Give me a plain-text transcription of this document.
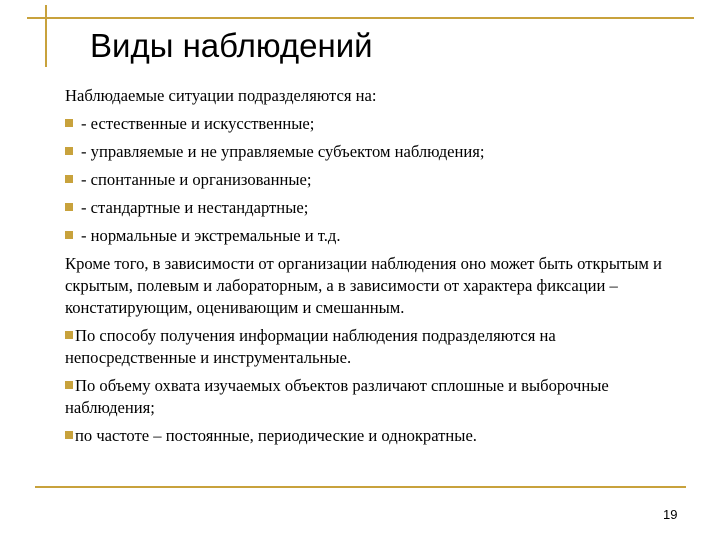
Виды наблюдений
Наблюдаемые ситуации подразделяются на:
- естественные и искусственные;
- управляемые и не управляемые субъектом наблюдения;
- спонтанные и организованные;
- стандартные и нестандартные;
- нормальные и экстремальные и т.д.
Кроме того, в зависимости от организации наблюдения оно может быть открытым и скрытым, полевым и лабораторным, а в зависимости от характера фиксации – констатирующим, оценивающим и смешанным.
По способу получения информации наблюдения подразделяются на непосредственные и инструментальные.
По объему охвата изучаемых объектов различают сплошные и выборочные наблюдения;
по частоте – постоянные, периодические и однократные.
19
